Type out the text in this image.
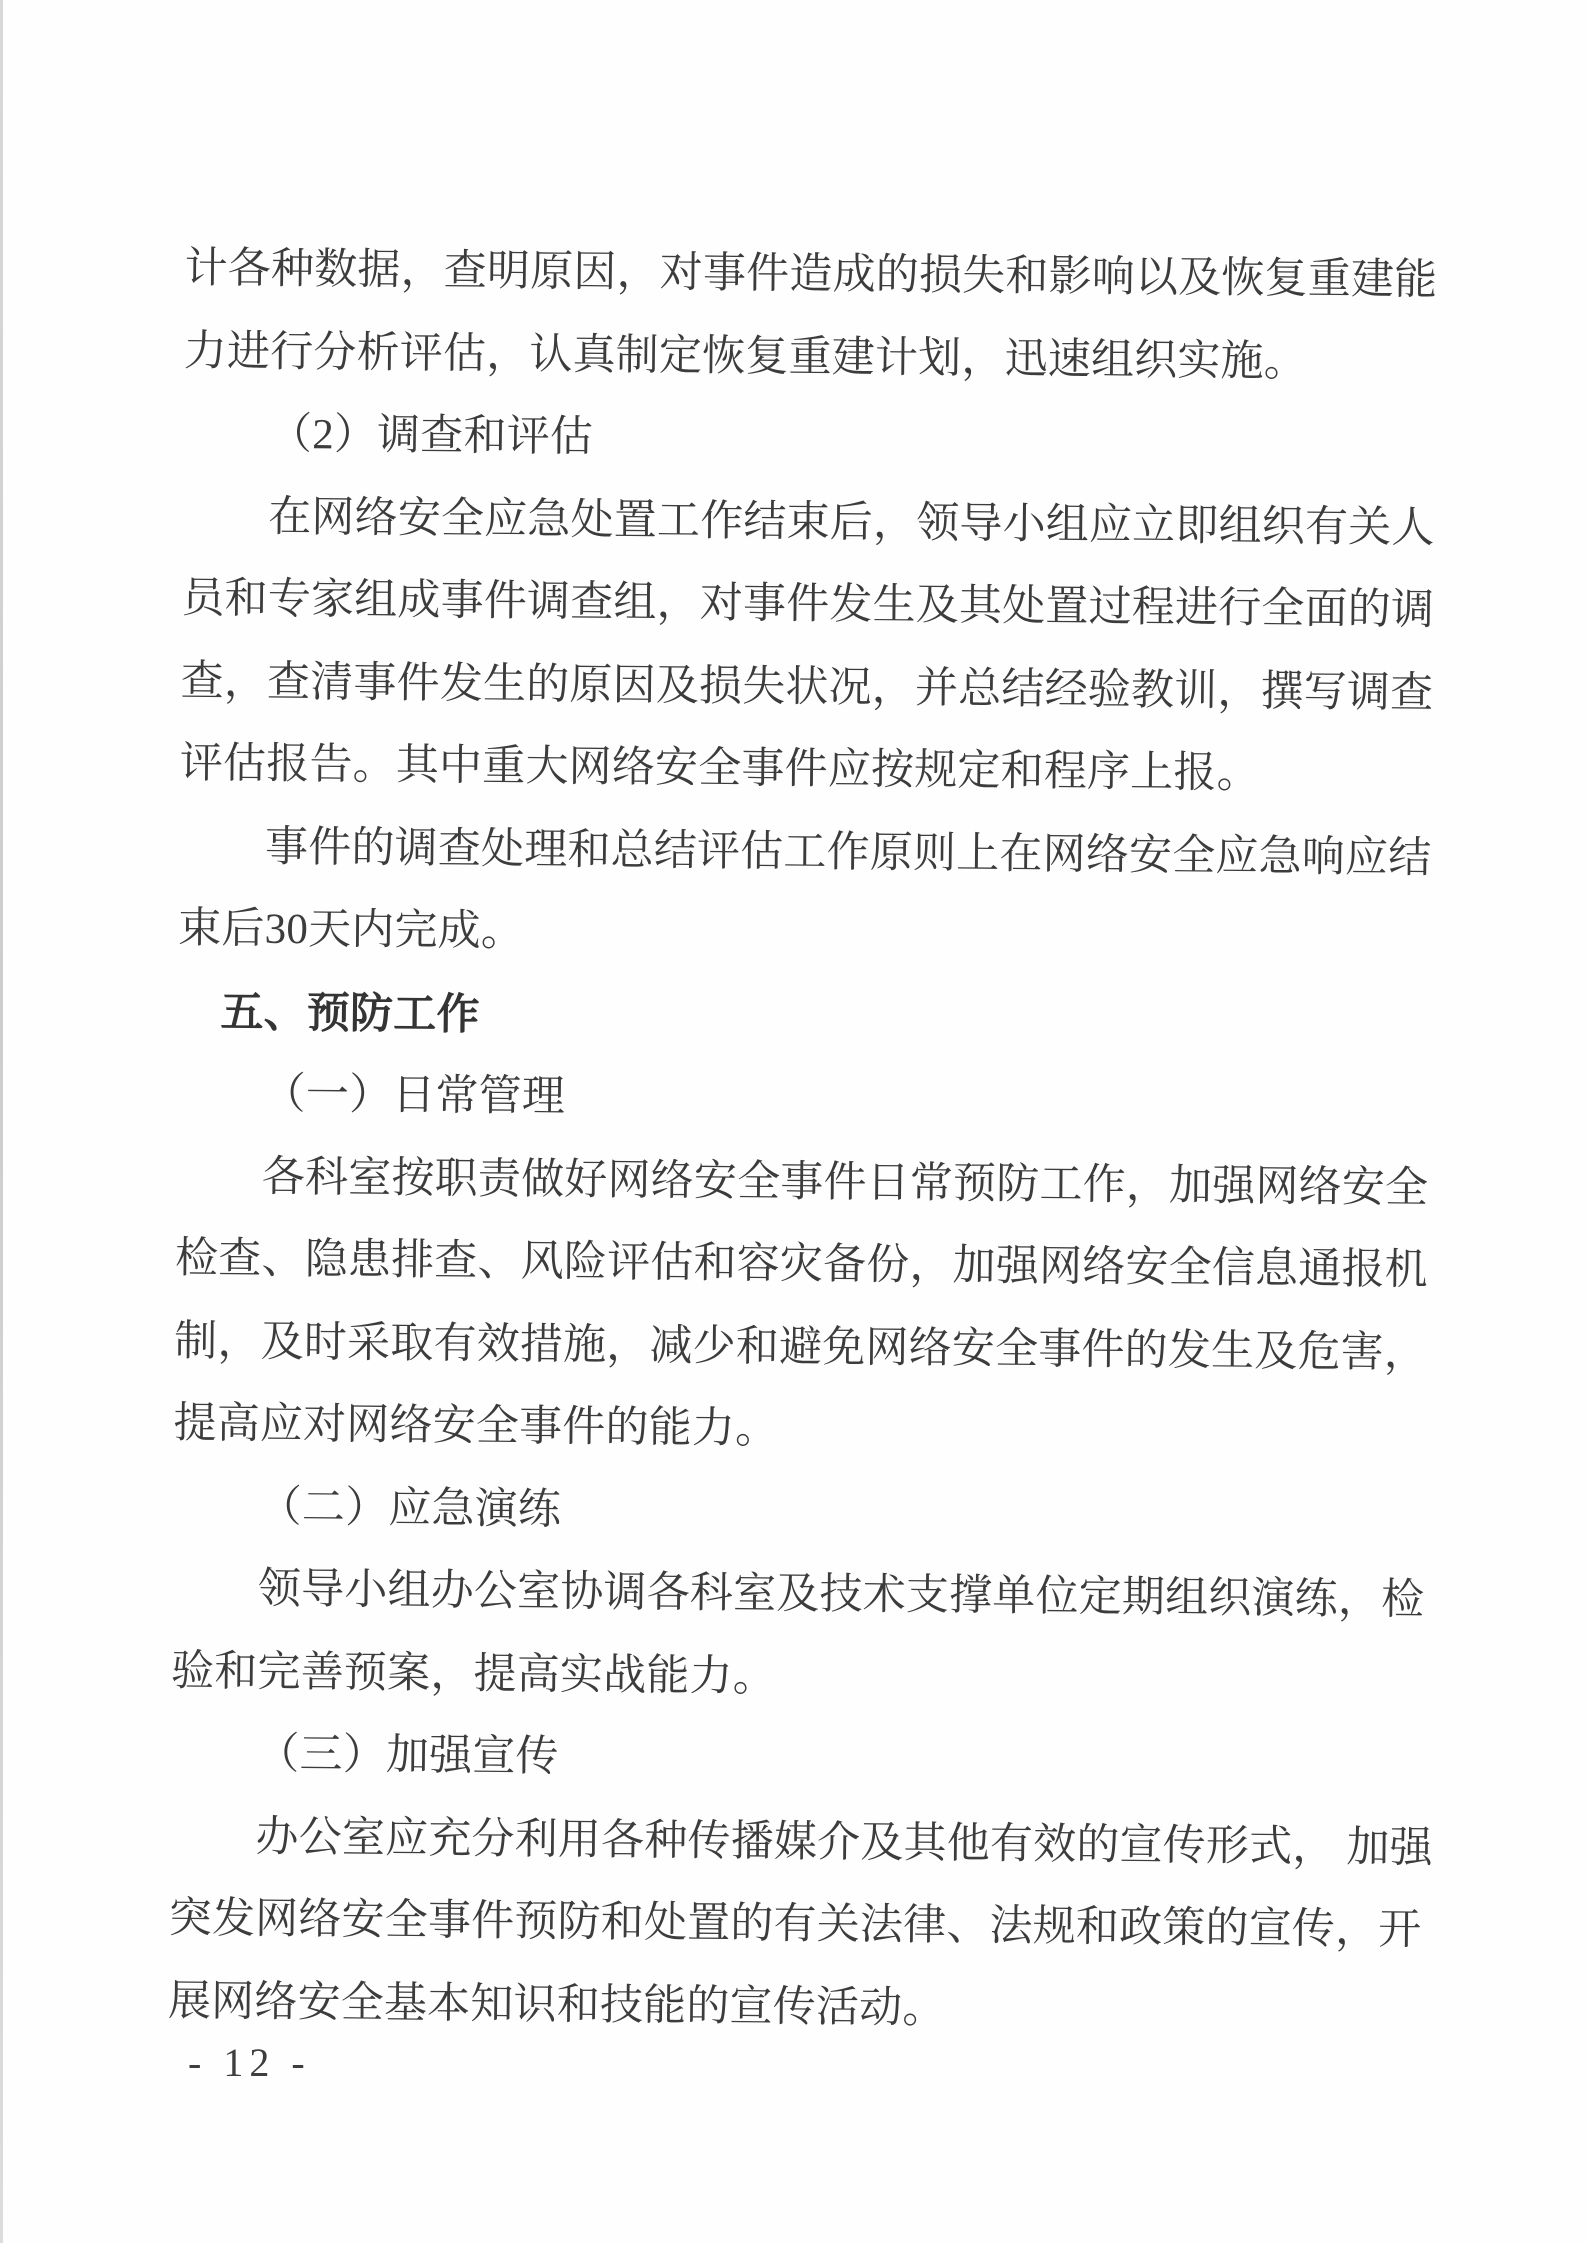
计各种数据，查明原因，对事件造成的损失和影响以及恢复重建能
力进行分析评估，认真制定恢复重建计划，迅速组织实施。
（2）调查和评估
在网络安全应急处置工作结束后，领导小组应立即组织有关人
员和专家组成事件调查组，对事件发生及其处置过程进行全面的调
查，查清事件发生的原因及损失状况，并总结经验教训，撰写调查
评估报告。其中重大网络安全事件应按规定和程序上报。
事件的调查处理和总结评估工作原则上在网络安全应急响应结
束后30天内完成。
五、预防工作
（一）日常管理
各科室按职责做好网络安全事件日常预防工作，加强网络安全
检查、隐患排查、风险评估和容灾备份，加强网络安全信息通报机
制，及时采取有效措施，减少和避免网络安全事件的发生及危害，
提高应对网络安全事件的能力。
（二）应急演练
领导小组办公室协调各科室及技术支撑单位定期组织演练，检
验和完善预案，提高实战能力。
（三）加强宣传
办公室应充分利用各种传播媒介及其他有效的宣传形式， 加强
突发网络安全事件预防和处置的有关法律、法规和政策的宣传，开
展网络安全基本知识和技能的宣传活动。
- 12 -
